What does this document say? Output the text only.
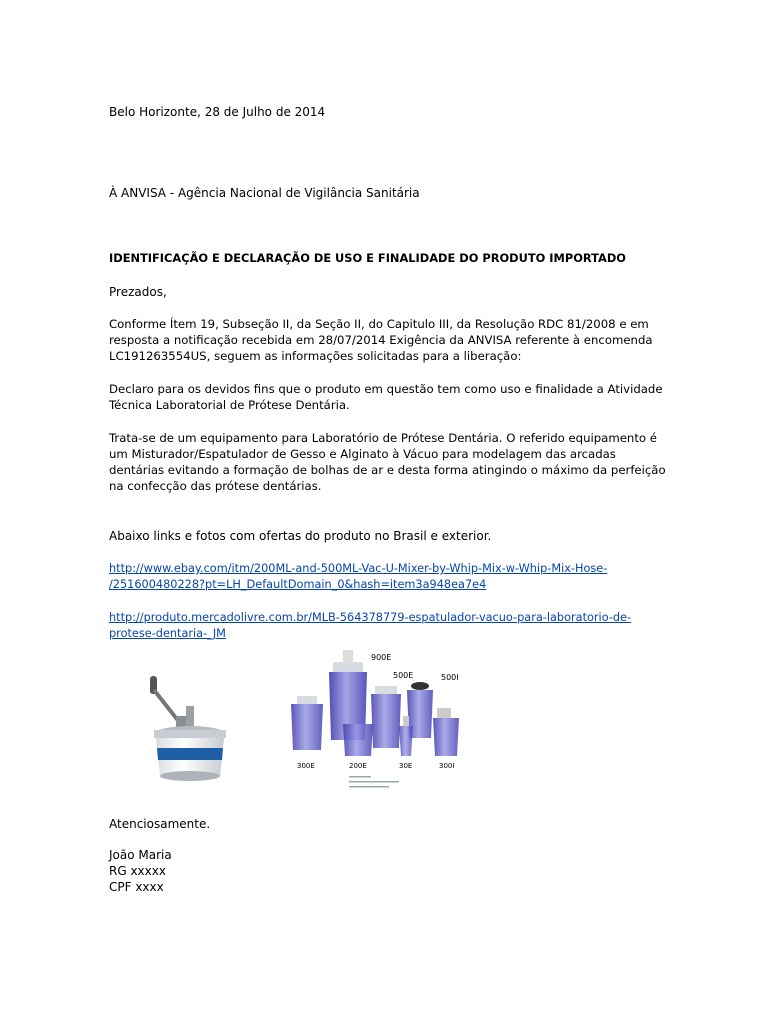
Belo Horizonte, 28 de Julho de 2014
À ANVISA - Agência Nacional de Vigilância Sanitária
IDENTIFICAÇÃO E DECLARAÇÃO DE USO E FINALIDADE DO PRODUTO IMPORTADO
Prezados,
Conforme Ítem 19, Subseção II, da Seção II, do Capitulo III, da Resolução RDC 81/2008 e em
resposta a notificação recebida em 28/07/2014 Exigência da ANVISA referente à encomenda
LC191263554US, seguem as informações solicitadas para a liberação:
Declaro para os devidos fins que o produto em questão tem como uso e finalidade a Atividade
Técnica Laboratorial de Prótese Dentária.
Trata-se de um equipamento para Laboratório de Prótese Dentária. O referido equipamento é
um Misturador/Espatulador de Gesso e Alginato à Vácuo para modelagem das arcadas
dentárias evitando a formação de bolhas de ar e desta forma atingindo o máximo da perfeição
na confecção das prótese dentárias.
Abaixo links e fotos com ofertas do produto no Brasil e exterior.
http://www.ebay.com/itm/200ML-and-500ML-Vac-U-Mixer-by-Whip-Mix-w-Whip-Mix-Hose-
/251600480228?pt=LH_DefaultDomain_0&hash=item3a948ea7e4
http://produto.mercadolivre.com.br/MLB-564378779-espatulador-vacuo-para-laboratorio-de-
protese-dentaria-_JM
900E
500E	500I
300E	200E	30E	300I
Atenciosamente.
João Maria
RG xxxxx
CPF xxxx
